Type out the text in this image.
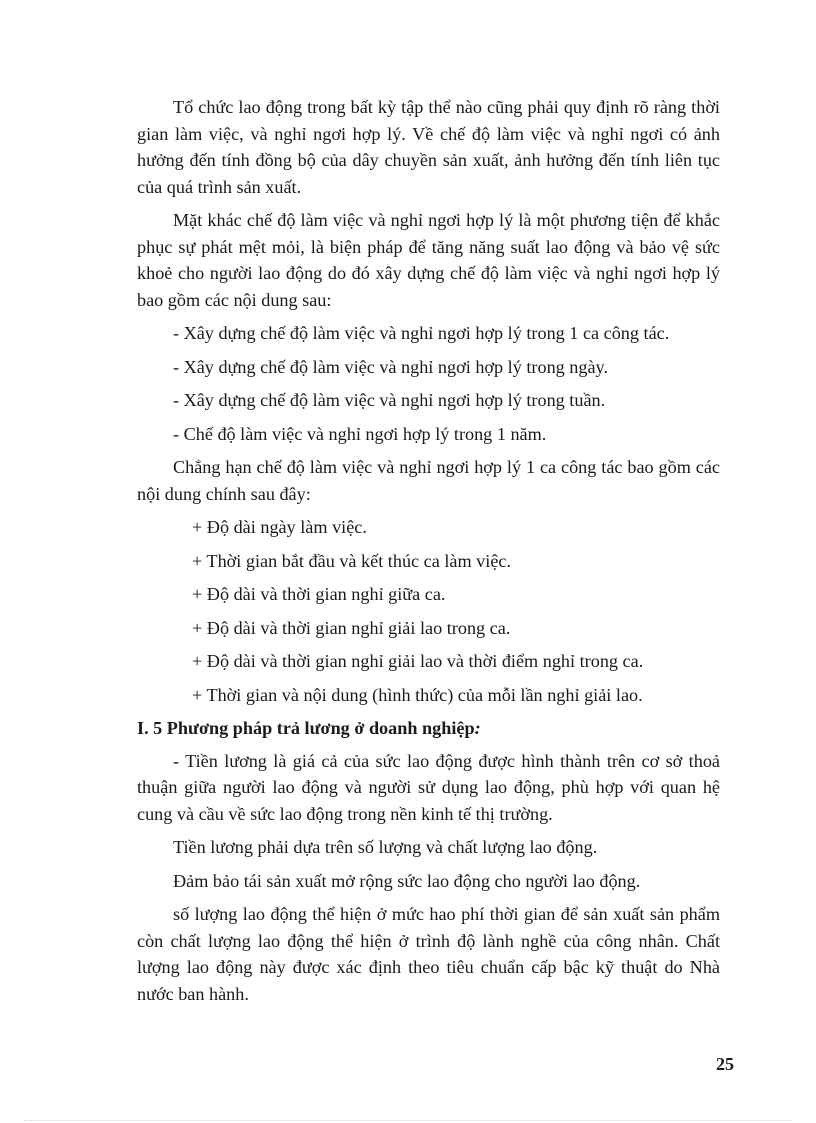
Tổ chức lao động trong bất kỳ tập thể nào cũng phải quy định rõ ràng thời gian làm việc, và nghỉ ngơi hợp lý. Về chế độ làm việc và nghỉ ngơi có ảnh hưởng đến tính đồng bộ của dây chuyền sản xuất, ảnh hưởng đến tính liên tục của quá trình sản xuất.

Mặt khác chế độ làm việc và nghỉ ngơi hợp lý là một phương tiện để khắc phục sự phát mệt mỏi, là biện pháp để tăng năng suất lao động và bảo vệ sức khoẻ cho người lao động do đó xây dựng chế độ làm việc và nghỉ ngơi hợp lý bao gồm các nội dung sau:

- Xây dựng chế độ làm việc và nghỉ ngơi hợp lý trong 1 ca công tác.

- Xây dựng chế độ làm việc và nghỉ ngơi hợp lý trong ngày.

- Xây dựng chế độ làm việc và nghỉ ngơi hợp lý trong tuần.

- Chế độ làm việc và nghỉ ngơi hợp lý trong 1 năm.

Chẳng hạn chế độ làm việc và nghỉ ngơi hợp lý 1 ca công tác bao gồm các nội dung chính sau đây:

+ Độ dài ngày làm việc.

+ Thời gian bắt đầu và kết thúc ca làm việc.

+ Độ dài và thời gian nghỉ giữa ca.

+ Độ dài và thời gian nghỉ giải lao trong ca.

+ Độ dài và thời gian nghỉ giải lao và thời điểm nghỉ trong ca.

+ Thời gian và nội dung (hình thức) của mỗi lần nghỉ giải lao.

I. 5 Phương pháp trả lương ở doanh nghiệp:

- Tiền lương là giá cả của sức lao động được hình thành trên cơ sở thoả thuận giữa người lao động và người sử dụng lao động, phù hợp với quan hệ cung và cầu về sức lao động trong nền kinh tế thị trường.

Tiền lương phải dựa trên số lượng và chất lượng lao động.

Đảm bảo tái sản xuất mở rộng sức lao động cho người lao động.

số lượng lao động thể hiện ở mức hao phí thời gian để sản xuất sản phẩm còn chất lượng lao động thể hiện ở trình độ lành nghề của công nhân. Chất lượng lao động này được xác định theo tiêu chuẩn cấp bậc kỹ thuật do Nhà nước ban hành.

25
